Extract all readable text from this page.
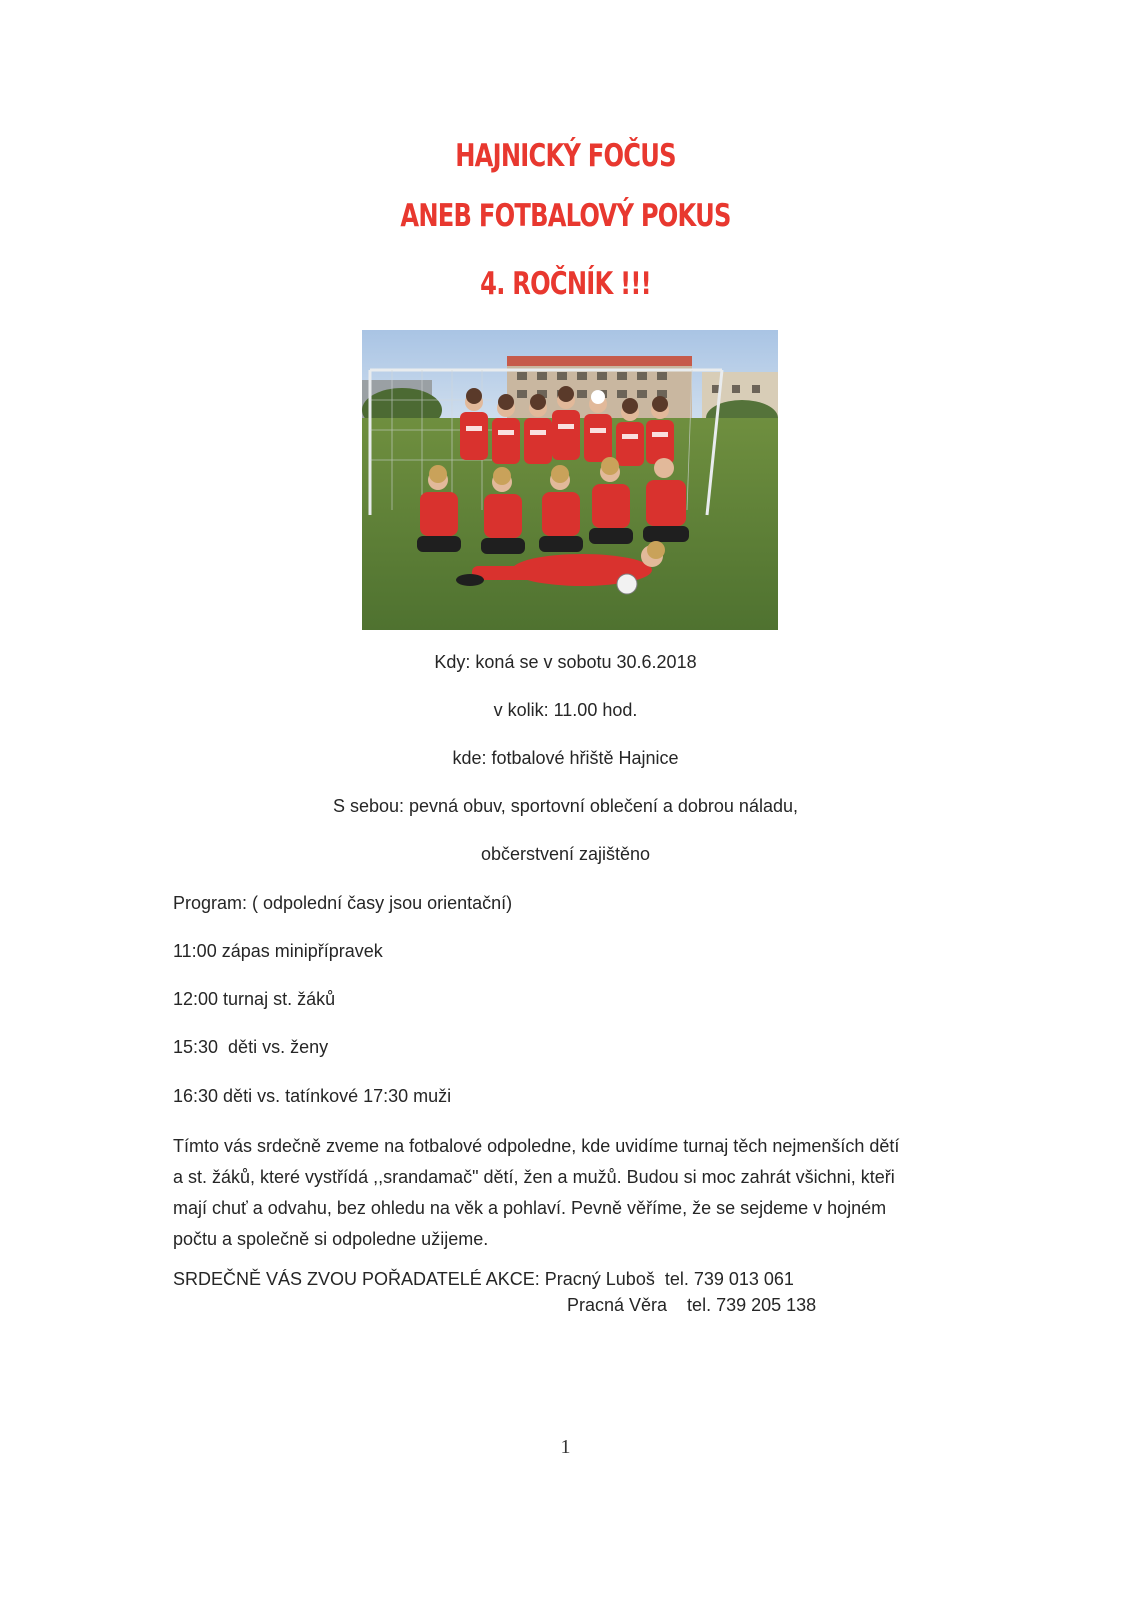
HAJNICKÝ FOČUS
ANEB FOTBALOVÝ POKUS
4. ROČNÍK !!!
Kdy: koná se v sobotu 30.6.2018
v kolik: 11.00 hod.
kde: fotbalové hřiště Hajnice
S sebou: pevná obuv, sportovní oblečení a dobrou náladu,
občerstvení zajištěno
Program: ( odpolední časy jsou orientační)
11:00 zápas minipřípravek
12:00 turnaj st. žáků
15:30  děti vs. ženy
16:30 děti vs. tatínkové 17:30 muži
Tímto vás srdečně zveme na fotbalové odpoledne, kde uvidíme turnaj těch nejmenších dětí
a st. žáků, které vystřídá ,,srandamač" dětí, žen a mužů. Budou si moc zahrát všichni, kteři
mají chuť a odvahu, bez ohledu na věk a pohlaví. Pevně věříme, že se sejdeme v hojném
počtu a společně si odpoledne užijeme.
SRDEČNĚ VÁS ZVOU POŘADATELÉ AKCE: Pracný Luboš  tel. 739 013 061
Pracná Věra    tel. 739 205 138
1
